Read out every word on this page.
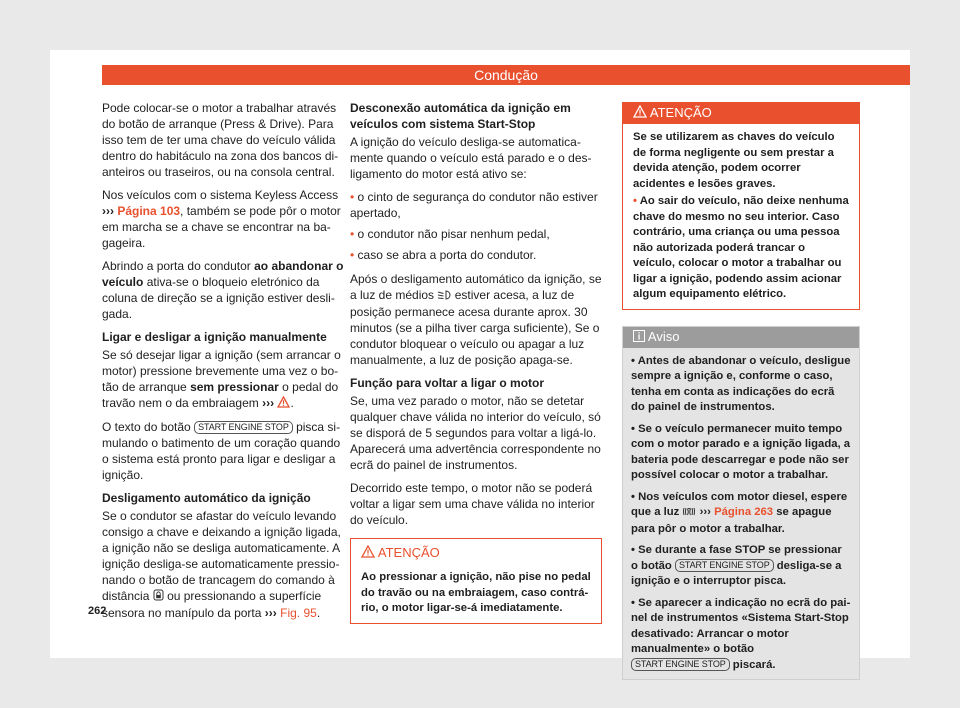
Condução

Pode colocar-se o motor a trabalhar através do botão de arranque (Press & Drive). Para isso tem de ter uma chave do veículo válida dentro do habitáculo na zona dos bancos dianteiros ou traseiros, ou na consola central.

Nos veículos com o sistema Keyless Access ››› Página 103, também se pode pôr o motor em marcha se a chave se encontrar na bagageira.

Abrindo a porta do condutor ao abandonar o veículo ativa-se o bloqueio eletrónico da coluna de direção se a ignição estiver desligada.

Ligar e desligar a ignição manualmente

Se só desejar ligar a ignição (sem arrancar o motor) pressione brevemente uma vez o botão de arranque sem pressionar o pedal do travão nem o da embraiagem ››› .

O texto do botão START ENGINE STOP pisca simulando o batimento de um coração quando o sistema está pronto para ligar e desligar a ignição.

Desligamento automático da ignição

Se o condutor se afastar do veículo levando consigo a chave e deixando a ignição ligada, a ignição não se desliga automaticamente. A ignição desliga-se automaticamente pressionando o botão de trancagem do comando à distância ou pressionando a superfície sensora no manípulo da porta ››› Fig. 95.

Desconexão automática da ignição em veículos com sistema Start-Stop

A ignição do veículo desliga-se automaticamente quando o veículo está parado e o desligamento do motor está ativo se:

• o cinto de segurança do condutor não estiver apertado,
• o condutor não pisar nenhum pedal,
• caso se abra a porta do condutor.

Após o desligamento automático da ignição, se a luz de médios estiver acesa, a luz de posição permanece acesa durante aprox. 30 minutos (se a pilha tiver carga suficiente), Se o condutor bloquear o veículo ou apagar a luz manualmente, a luz de posição apaga-se.

Função para voltar a ligar o motor

Se, uma vez parado o motor, não se detetar qualquer chave válida no interior do veículo, só se disporá de 5 segundos para voltar a ligá-lo. Aparecerá uma advertência correspondente no ecrã do painel de instrumentos.

Decorrido este tempo, o motor não se poderá voltar a ligar sem uma chave válida no interior do veículo.

ATENÇÃO
Ao pressionar a ignição, não pise no pedal do travão ou na embraiagem, caso contrário, o motor ligar-se-á imediatamente.
ATENÇÃO

Se se utilizarem as chaves do veículo de forma negligente ou sem prestar a devida atenção, podem ocorrer acidentes e lesões graves.

• Ao sair do veículo, não deixe nenhuma chave do mesmo no seu interior. Caso contrário, uma criança ou uma pessoa não autorizada poderá trancar o veículo, colocar o motor a trabalhar ou ligar a ignição, podendo assim acionar algum equipamento elétrico.

Aviso

• Antes de abandonar o veículo, desligue sempre a ignição e, conforme o caso, tenha em conta as indicações do ecrã do painel de instrumentos.

• Se o veículo permanecer muito tempo com o motor parado e a ignição ligada, a bateria pode descarregar e pode não ser possível colocar o motor a trabalhar.

• Nos veículos com motor diesel, espere que a luz ››› Página 263 se apague para pôr o motor a trabalhar.

• Se durante a fase STOP se pressionar o botão START ENGINE STOP desliga-se a ignição e o interruptor pisca.

• Se aparecer a indicação no ecrã do painel de instrumentos «Sistema Start-Stop desativado: Arrancar o motor manualmente» o botão START ENGINE STOP piscará.

262
